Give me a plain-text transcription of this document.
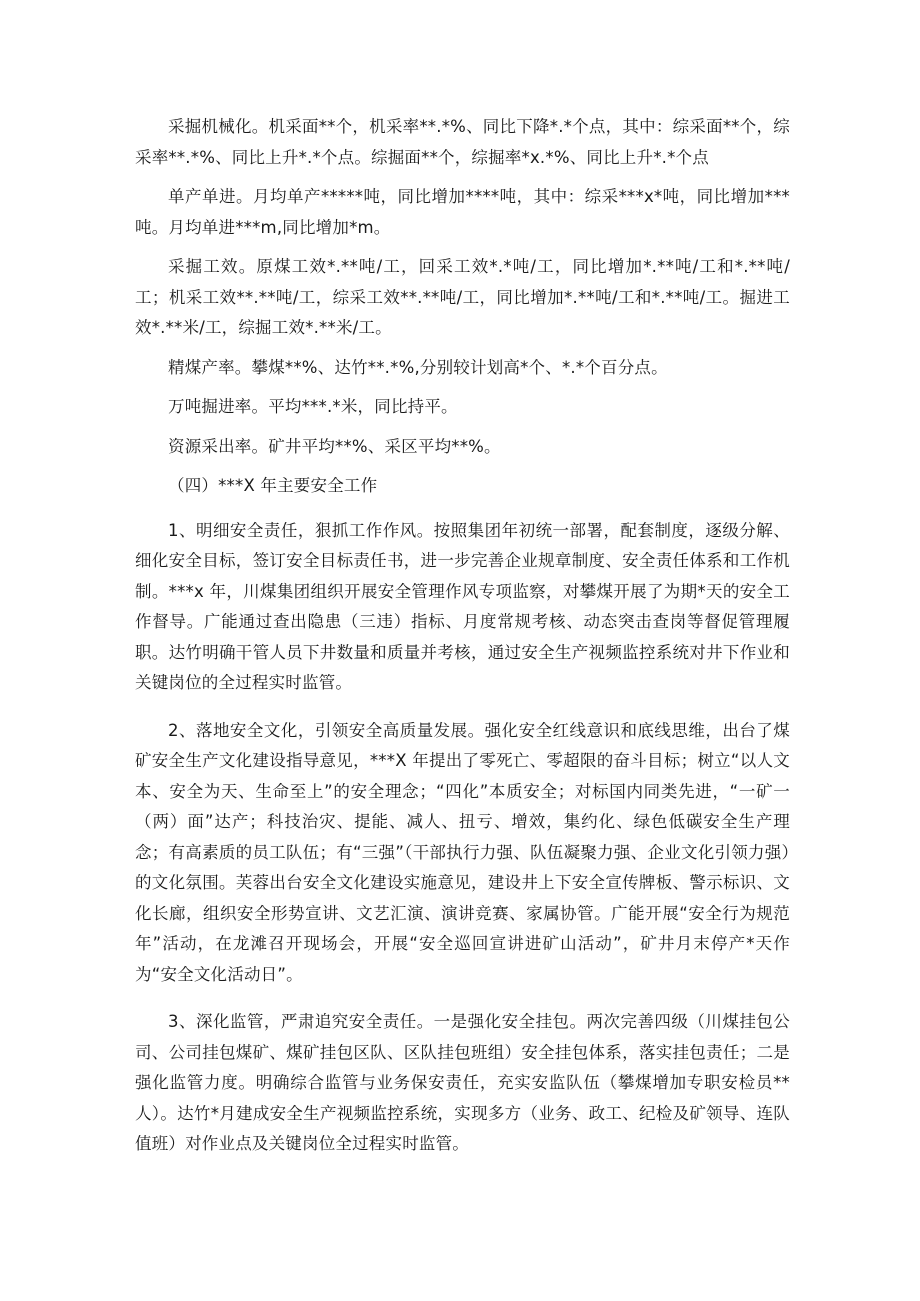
采掘机械化。机采面**个，机采率**.*%、同比下降*.*个点，其中：综采面**个，综采率**.*%、同比上升*.*个点。综掘面**个，综掘率*x.*%、同比上升*.*个点

单产单进。月均单产*****吨，同比增加****吨，其中：综采***x*吨，同比增加***吨。月均单进***m,同比增加*m。

采掘工效。原煤工效*.**吨/工，回采工效*.*吨/工，同比增加*.**吨/工和*.**吨/工；机采工效**.**吨/工，综采工效**.**吨/工，同比增加*.**吨/工和*.**吨/工。掘进工效*.**米/工，综掘工效*.**米/工。

精煤产率。攀煤**%、达竹**.*%,分别较计划高*个、*.*个百分点。

万吨掘进率。平均***.*米，同比持平。

资源采出率。矿井平均**%、采区平均**%。

（四）***X 年主要安全工作

1、明细安全责任，狠抓工作作风。按照集团年初统一部署，配套制度，逐级分解、细化安全目标，签订安全目标责任书，进一步完善企业规章制度、安全责任体系和工作机制。***x 年，川煤集团组织开展安全管理作风专项监察，对攀煤开展了为期*天的安全工作督导。广能通过查出隐患（三违）指标、月度常规考核、动态突击查岗等督促管理履职。达竹明确干管人员下井数量和质量并考核，通过安全生产视频监控系统对井下作业和关键岗位的全过程实时监管。

2、落地安全文化，引领安全高质量发展。强化安全红线意识和底线思维，出台了煤矿安全生产文化建设指导意见，***X 年提出了零死亡、零超限的奋斗目标；树立“以人文本、安全为天、生命至上”的安全理念；“四化”本质安全；对标国内同类先进，“一矿一（两）面”达产；科技治灾、提能、减人、扭亏、增效，集约化、绿色低碳安全生产理念；有高素质的员工队伍；有“三强”（干部执行力强、队伍凝聚力强、企业文化引领力强）的文化氛围。芙蓉出台安全文化建设实施意见，建设井上下安全宣传牌板、警示标识、文化长廊，组织安全形势宣讲、文艺汇演、演讲竞赛、家属协管。广能开展“安全行为规范年”活动，在龙滩召开现场会，开展“安全巡回宣讲进矿山活动”，矿井月末停产*天作为“安全文化活动日”。

3、深化监管，严肃追究安全责任。一是强化安全挂包。两次完善四级（川煤挂包公司、公司挂包煤矿、煤矿挂包区队、区队挂包班组）安全挂包体系，落实挂包责任；二是强化监管力度。明确综合监管与业务保安责任，充实安监队伍（攀煤增加专职安检员**人）。达竹*月建成安全生产视频监控系统，实现多方（业务、政工、纪检及矿领导、连队值班）对作业点及关键岗位全过程实时监管。
